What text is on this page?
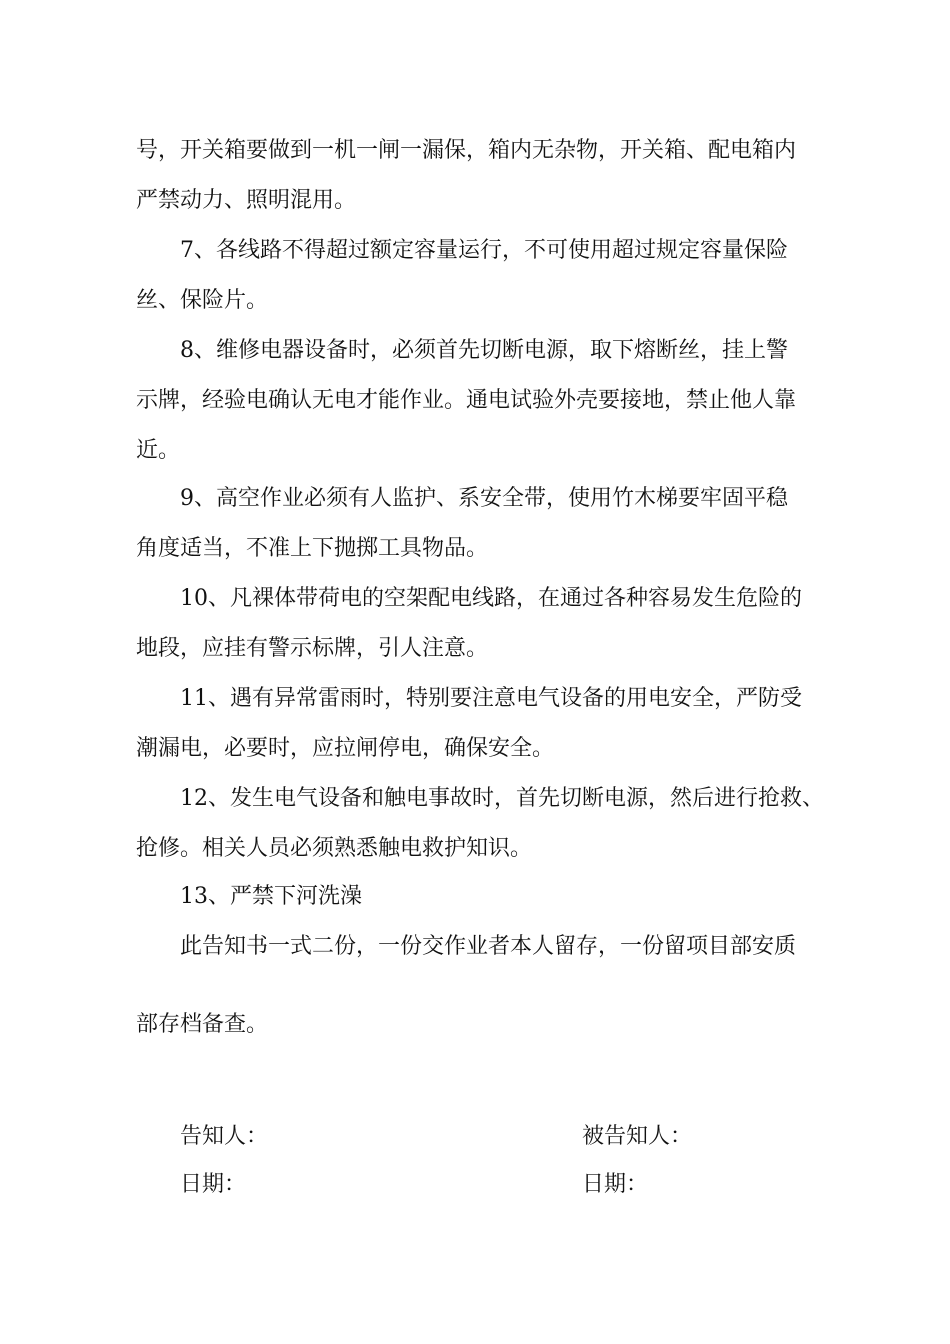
号，开关箱要做到一机一闸一漏保，箱内无杂物，开关箱、配电箱内
严禁动力、照明混用。
7、各线路不得超过额定容量运行，不可使用超过规定容量保险
丝、保险片。
8、维修电器设备时，必须首先切断电源，取下熔断丝，挂上警
示牌，经验电确认无电才能作业。通电试验外壳要接地，禁止他人靠
近。
9、高空作业必须有人监护、系安全带，使用竹木梯要牢固平稳
角度适当，不准上下抛掷工具物品。
10、凡裸体带荷电的空架配电线路，在通过各种容易发生危险的
地段，应挂有警示标牌，引人注意。
11、遇有异常雷雨时，特别要注意电气设备的用电安全，严防受
潮漏电，必要时，应拉闸停电，确保安全。
12、发生电气设备和触电事故时，首先切断电源，然后进行抢救、
抢修。相关人员必须熟悉触电救护知识。
13、严禁下河洗澡
此告知书一式二份，一份交作业者本人留存，一份留项目部安质
部存档备查。
告知人：	被告知人：
日期：	日期：
